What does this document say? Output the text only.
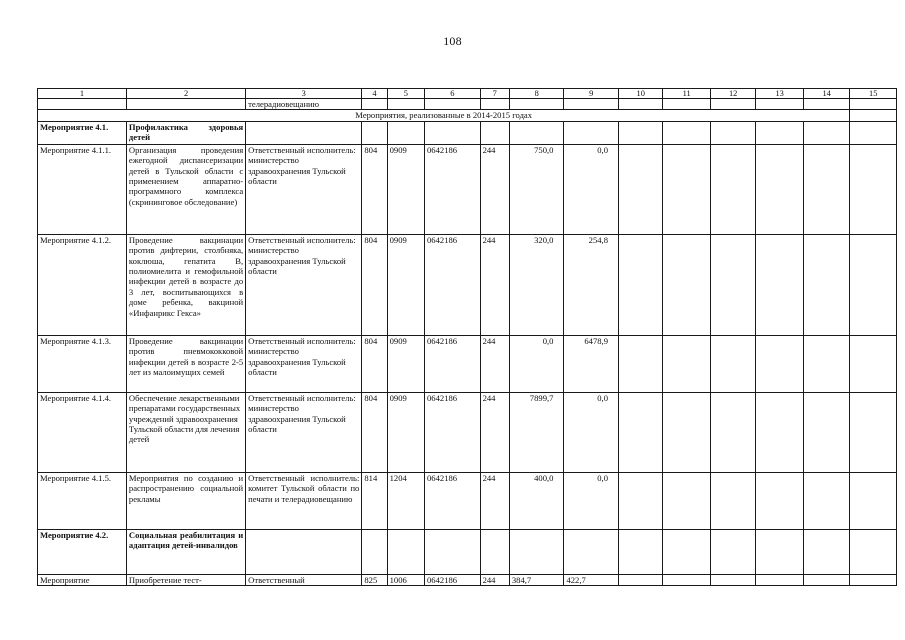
108
1	2	3	4	5	6	7	8	9	10	11	12	13	14	15
		телерадиовещанию												
Мероприятия, реализованные в 2014-2015 годах														
Мероприятие 4.1.	Профилактика здоровья детей													
Мероприятие 4.1.1.	Организация проведения ежегодной диспансеризации детей в Тульской области с применением аппаратно-программного комплекса (скрининговое обследование)	Ответственный исполнитель: министерство здравоохранения Тульской области	804	0909	0642186	244	750,0	0,0						
Мероприятие 4.1.2.	Проведение вакцинации против дифтерии, столбняка, коклюша, гепатита В, полиомиелита и гемофильной инфекции детей в возрасте до 3 лет, воспитывающихся в доме ребенка, вакциной «Инфанрикс Гекса»	Ответственный исполнитель: министерство здравоохранения Тульской области	804	0909	0642186	244	320,0	254,8						
Мероприятие 4.1.3.	Проведение вакцинации против пневмококковой инфекции детей в возрасте 2-5 лет из малоимущих семей	Ответственный исполнитель: министерство здравоохранения Тульской области	804	0909	0642186	244	0,0	6478,9						
Мероприятие 4.1.4.	Обеспечение лекарственными препаратами государственных учреждений здравоохранения Тульской области для лечения детей	Ответственный исполнитель: министерство здравоохранения Тульской области	804	0909	0642186	244	7899,7	0,0						
Мероприятие 4.1.5.	Мероприятия по созданию и распространению социальной рекламы	Ответственный исполнитель: комитет Тульской области по печати и телерадиовещанию	814	1204	0642186	244	400,0	0,0						
Мероприятие 4.2.	Социальная реабилитация и адаптация детей-инвалидов													
Мероприятие	Приобретение тест-	Ответственный	825	1006	0642186	244	384,7	422,7						
